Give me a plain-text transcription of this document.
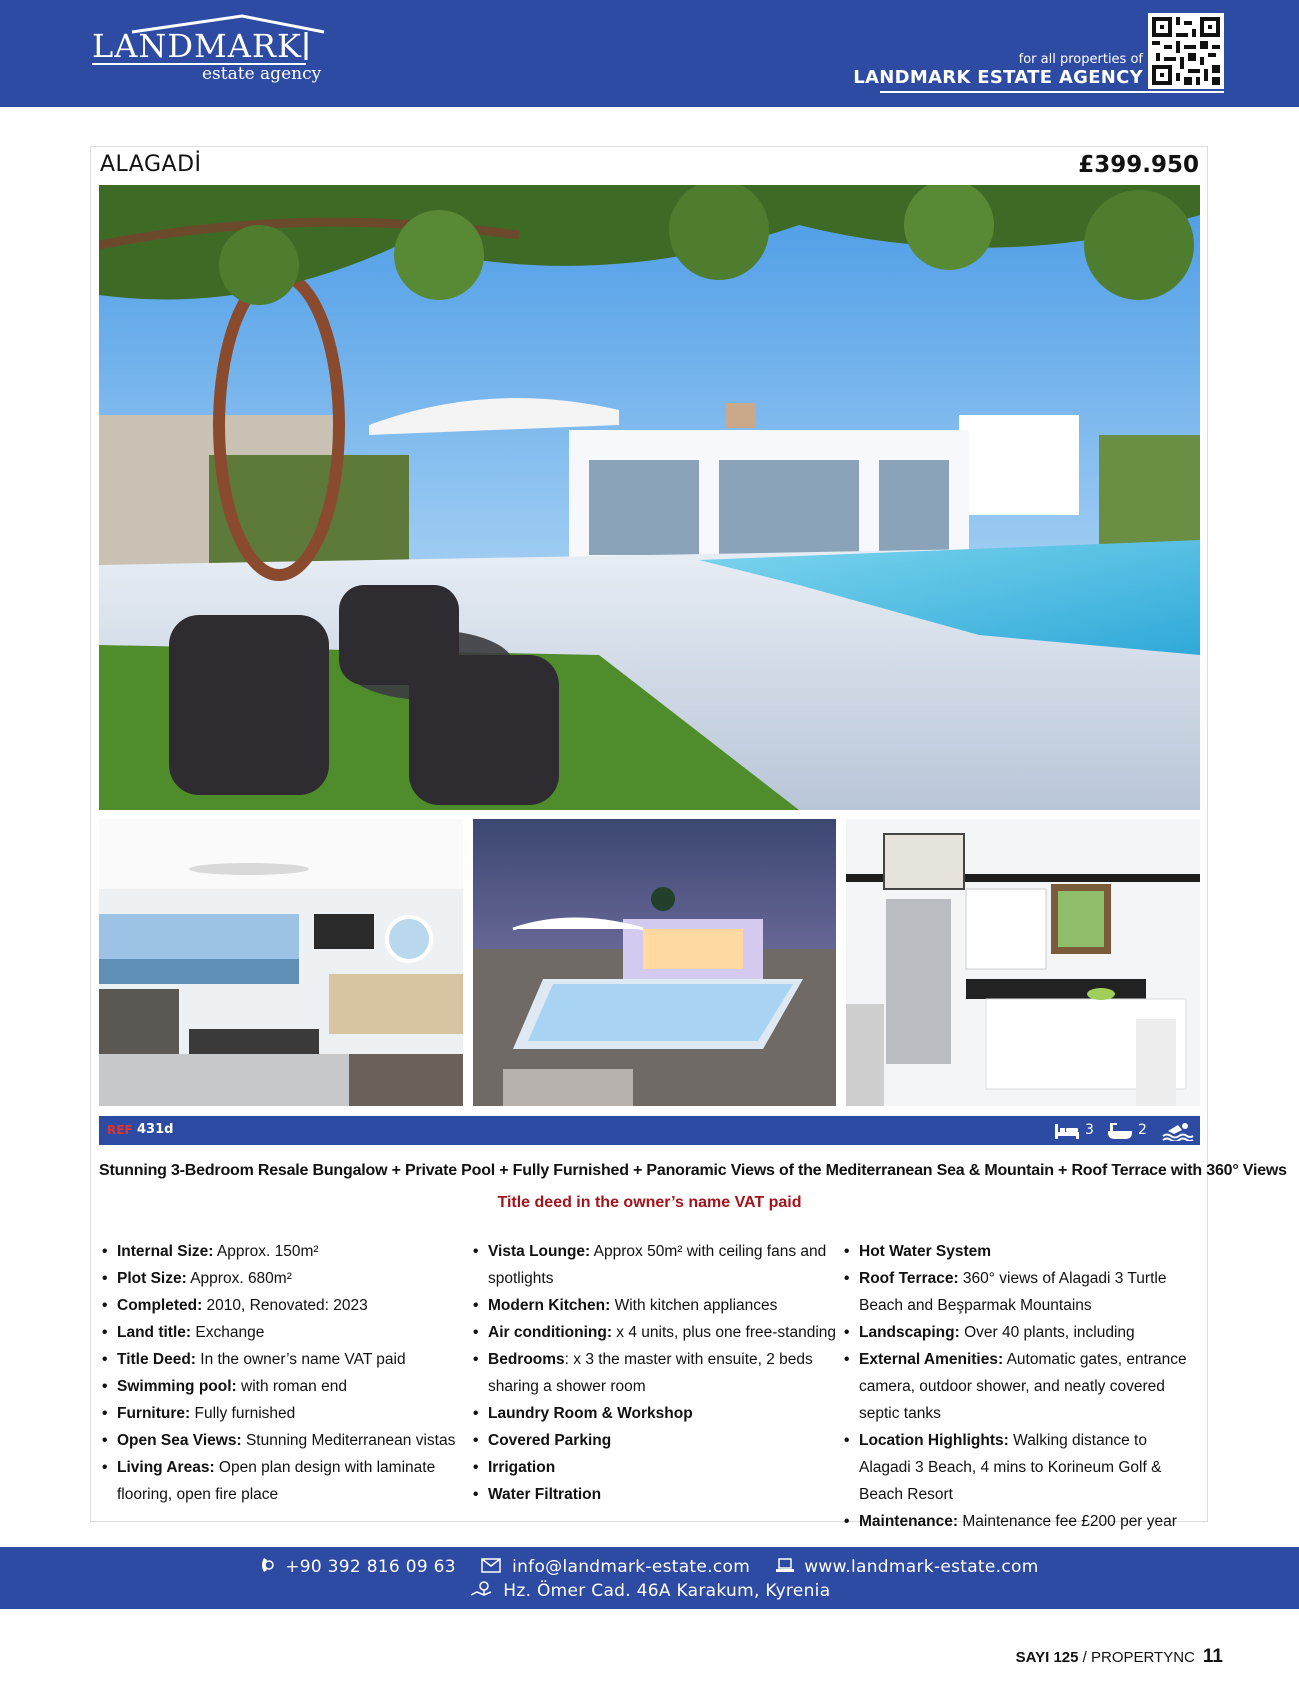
LANDMARK
estate agency
for all properties of
LANDMARK ESTATE AGENCY
ALAGADİ	£399.950
REF 431d	3	2
Stunning 3-Bedroom Resale Bungalow + Private Pool + Fully Furnished + Panoramic Views of the Mediterranean Sea & Mountain + Roof Terrace with 360° Views
Title deed in the owner’s name VAT paid
• Internal Size: Approx. 150m²
• Plot Size: Approx. 680m²
• Completed: 2010, Renovated: 2023
• Land title: Exchange
• Title Deed: In the owner’s name VAT paid
• Swimming pool: with roman end
• Furniture: Fully furnished
• Open Sea Views: Stunning Mediterranean vistas
• Living Areas: Open plan design with laminate flooring, open fire place
• Vista Lounge: Approx 50m² with ceiling fans and spotlights
• Modern Kitchen: With kitchen appliances
• Air conditioning: x 4 units, plus one free-standing
• Bedrooms: x 3 the master with ensuite, 2 beds sharing a shower room
• Laundry Room & Workshop
• Covered Parking
• Irrigation
• Water Filtration
• Hot Water System
• Roof Terrace: 360° views of Alagadi 3 Turtle Beach and Beşparmak Mountains
• Landscaping: Over 40 plants, including
• External Amenities: Automatic gates, entrance camera, outdoor shower, and neatly covered septic tanks
• Location Highlights: Walking distance to Alagadi 3 Beach, 4 mins to Korineum Golf & Beach Resort
• Maintenance: Maintenance fee £200 per year
+90 392 816 09 63	info@landmark-estate.com	www.landmark-estate.com
Hz. Ömer Cad. 46A Karakum, Kyrenia
SAYI 125 / PROPERTYNC 11
